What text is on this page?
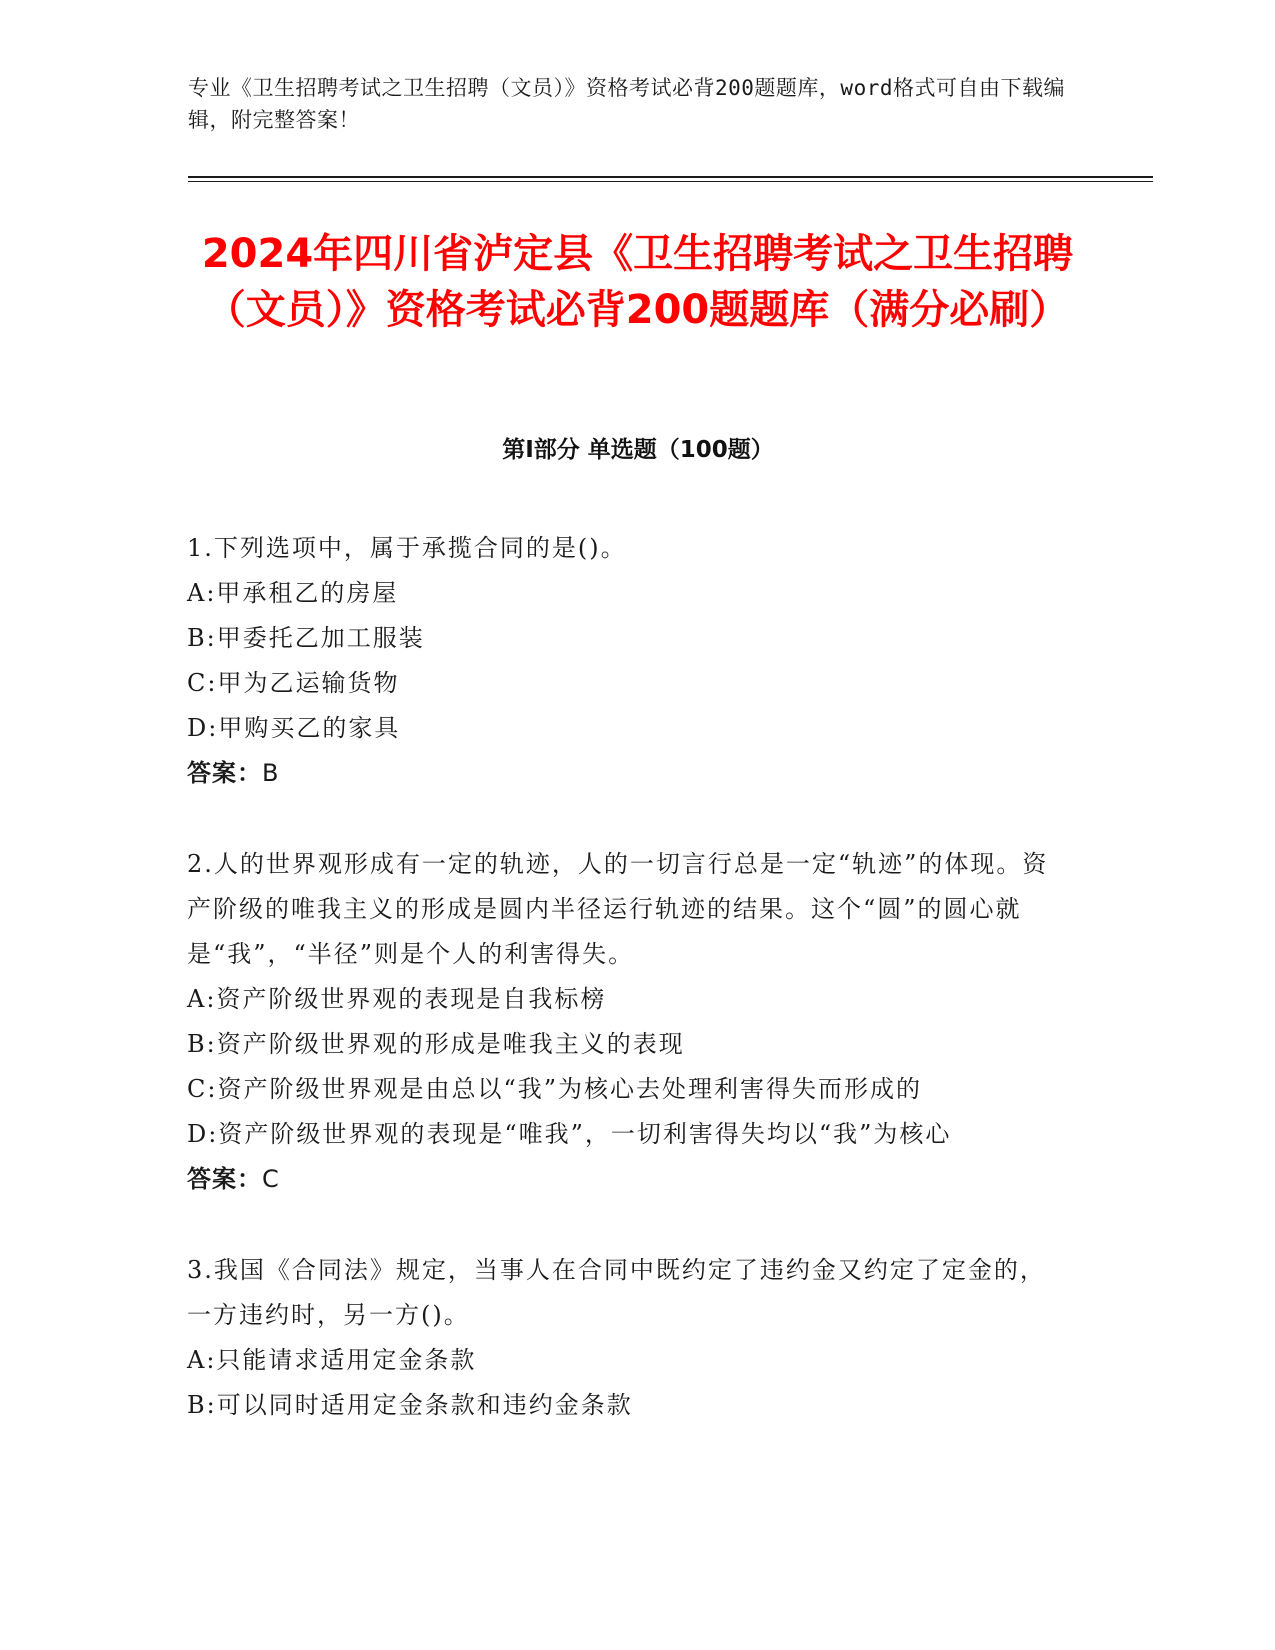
专业《卫生招聘考试之卫生招聘（文员）》资格考试必背200题题库，word格式可自由下载编辑，附完整答案！

2024年四川省泸定县《卫生招聘考试之卫生招聘（文员）》资格考试必背200题题库（满分必刷）
第I部分 单选题（100题）

1.下列选项中，属于承揽合同的是()。

A:甲承租乙的房屋

B:甲委托乙加工服装

C:甲为乙运输货物

D:甲购买乙的家具

答案：B

2.人的世界观形成有一定的轨迹，人的一切言行总是一定“轨迹”的体现。资产阶级的唯我主义的形成是圆内半径运行轨迹的结果。这个“圆”的圆心就是“我”，“半径”则是个人的利害得失。

A:资产阶级世界观的表现是自我标榜

B:资产阶级世界观的形成是唯我主义的表现

C:资产阶级世界观是由总以“我”为核心去处理利害得失而形成的

D:资产阶级世界观的表现是“唯我”，一切利害得失均以“我”为核心

答案：C

3.我国《合同法》规定，当事人在合同中既约定了违约金又约定了定金的，一方违约时，另一方()。

A:只能请求适用定金条款

B:可以同时适用定金条款和违约金条款
